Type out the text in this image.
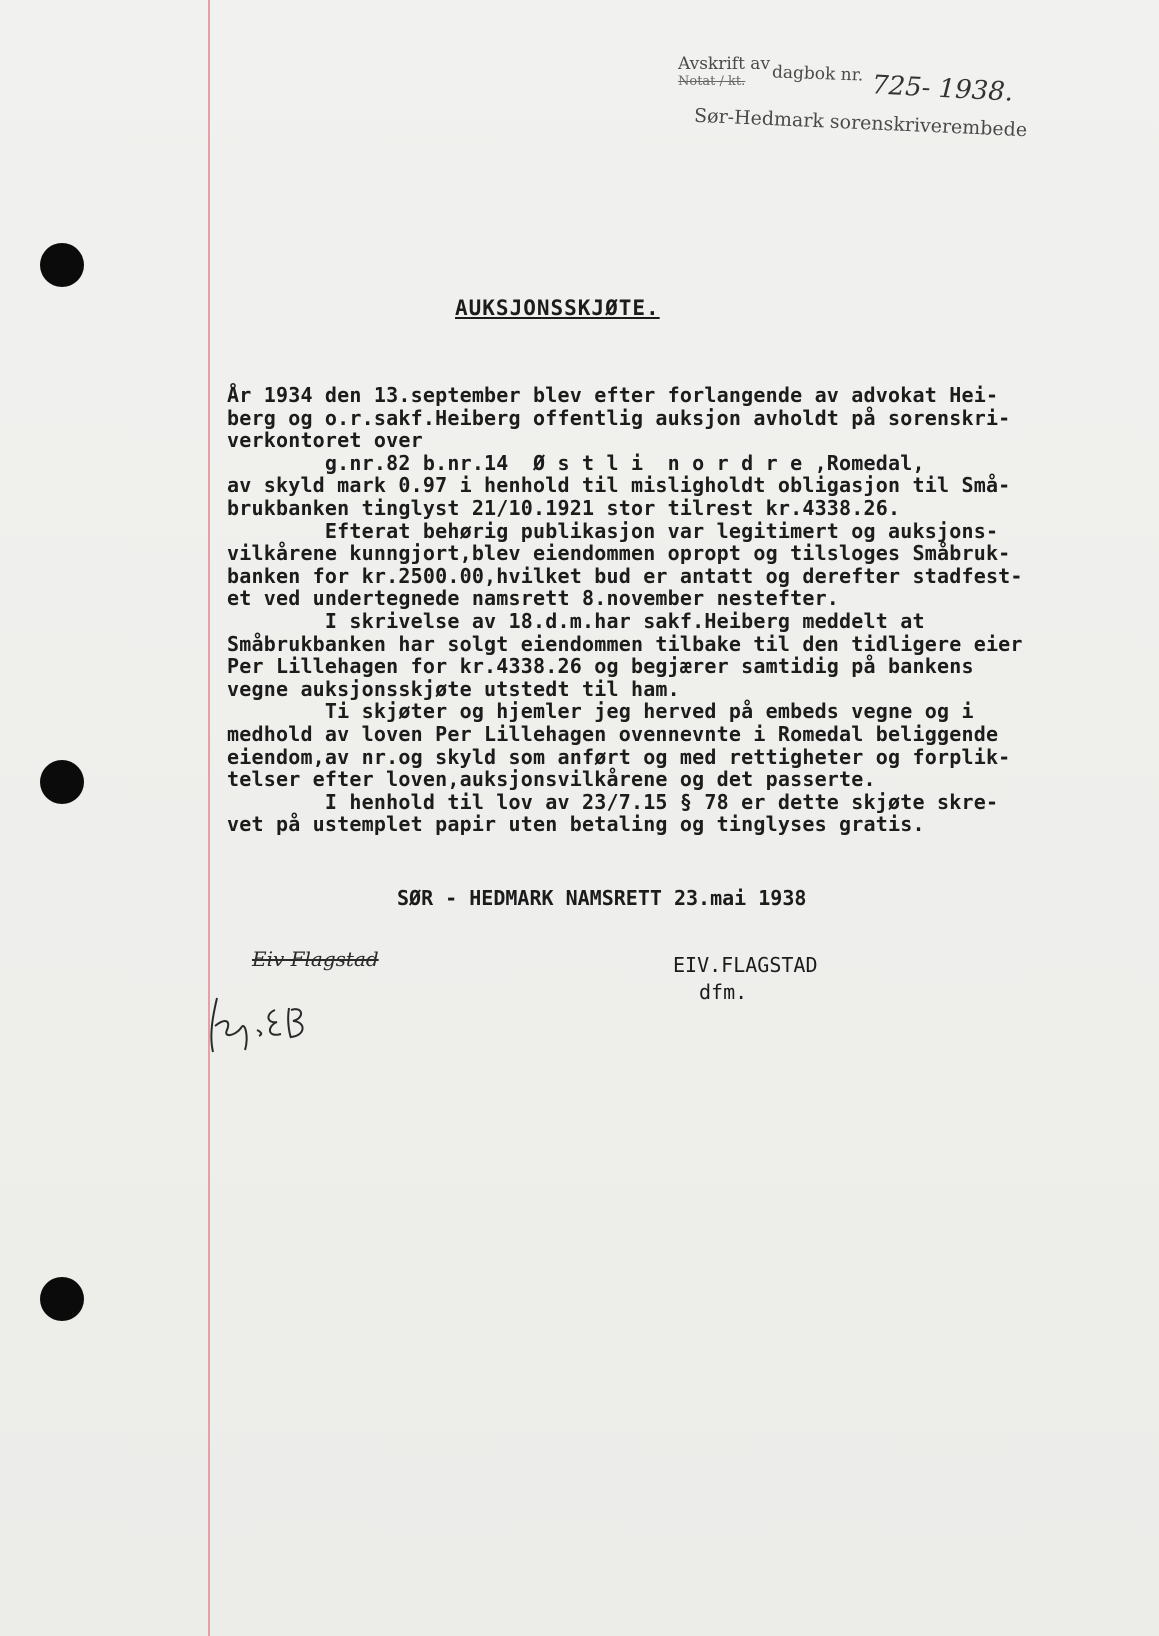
Avskrift av
Notat / kt. dagbok nr. 725- 1938.
Sør-Hedmark sorenskriverembede
AUKSJONSSKJØTE.
År 1934 den 13.september blev efter forlangende av advokat Hei-
berg og o.r.sakf.Heiberg offentlig auksjon avholdt på sorenskri-
verkontoret over
g.nr.82 b.nr.14  Ø s t l i  n o r d r e ,Romedal,
av skyld mark 0.97 i henhold til misligholdt obligasjon til Små-
brukbanken tinglyst 21/10.1921 stor tilrest kr.4338.26.
Efterat behørig publikasjon var legitimert og auksjons-
vilkårene kunngjort,blev eiendommen opropt og tilsloges Småbruk-
banken for kr.2500.00,hvilket bud er antatt og derefter stadfest-
et ved undertegnede namsrett 8.november nestefter.
I skrivelse av 18.d.m.har sakf.Heiberg meddelt at
Småbrukbanken har solgt eiendommen tilbake til den tidligere eier
Per Lillehagen for kr.4338.26 og begjærer samtidig på bankens
vegne auksjonsskjøte utstedt til ham.
Ti skjøter og hjemler jeg herved på embeds vegne og i
medhold av loven Per Lillehagen ovennevnte i Romedal beliggende
eiendom,av nr.og skyld som anført og med rettigheter og forplik-
telser efter loven,auksjonsvilkårene og det passerte.
I henhold til lov av 23/7.15 § 78 er dette skjøte skre-
vet på ustemplet papir uten betaling og tinglyses gratis.
SØR - HEDMARK NAMSRETT 23.mai 1938
Eiv Flagstad	EIV.FLAGSTAD
dfm.
